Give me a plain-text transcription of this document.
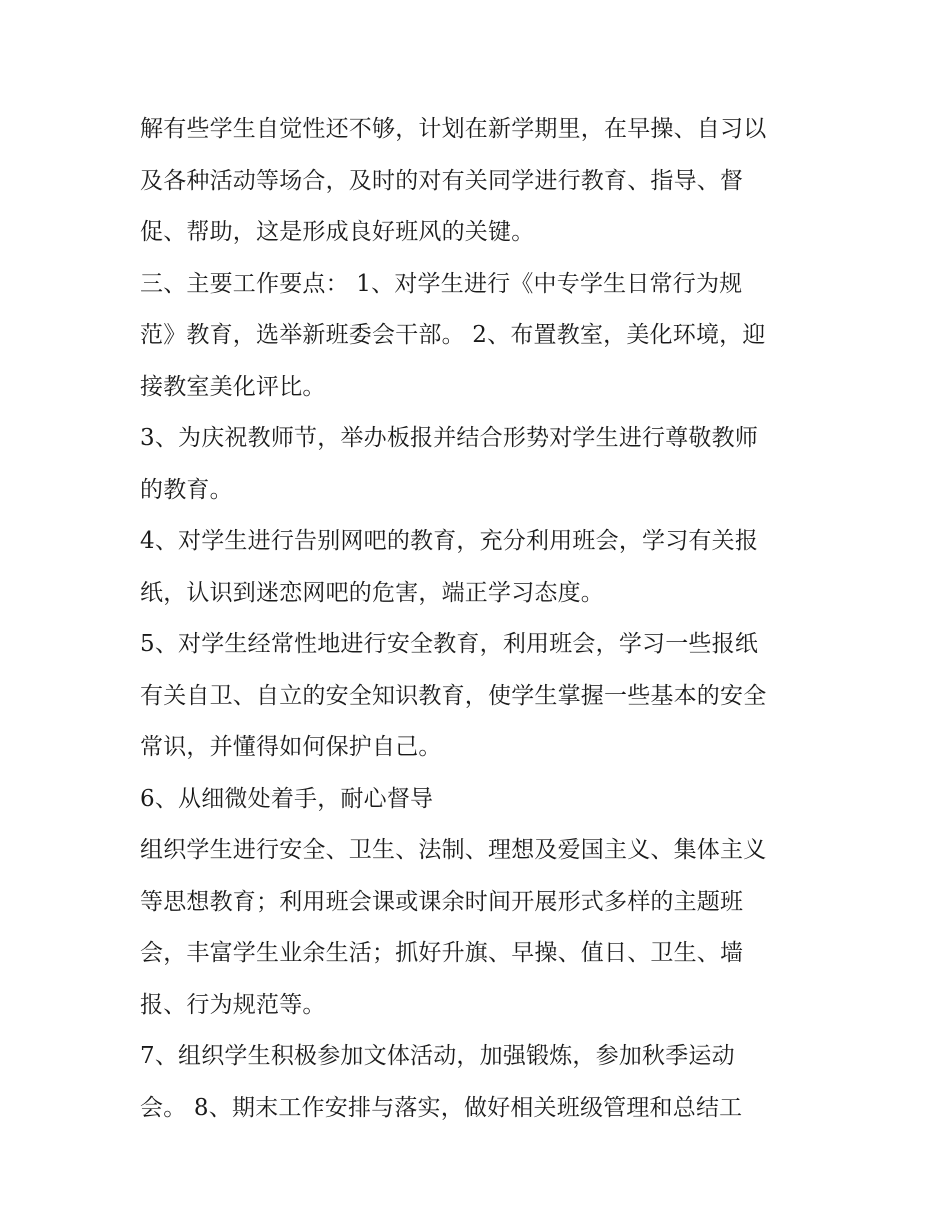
解有些学生自觉性还不够，计划在新学期里，在早操、自习以
及各种活动等场合，及时的对有关同学进行教育、指导、督
促、帮助，这是形成良好班风的关键。
三、主要工作要点： 1、对学生进行《中专学生日常行为规
范》教育，选举新班委会干部。 2、布置教室，美化环境，迎
接教室美化评比。
3、为庆祝教师节，举办板报并结合形势对学生进行尊敬教师
的教育。
4、对学生进行告别网吧的教育，充分利用班会，学习有关报
纸，认识到迷恋网吧的危害，端正学习态度。
5、对学生经常性地进行安全教育，利用班会，学习一些报纸
有关自卫、自立的安全知识教育，使学生掌握一些基本的安全
常识，并懂得如何保护自己。
6、从细微处着手，耐心督导
组织学生进行安全、卫生、法制、理想及爱国主义、集体主义
等思想教育；利用班会课或课余时间开展形式多样的主题班
会，丰富学生业余生活；抓好升旗、早操、值日、卫生、墙
报、行为规范等。
7、组织学生积极参加文体活动，加强锻炼，参加秋季运动
会。 8、期末工作安排与落实，做好相关班级管理和总结工
